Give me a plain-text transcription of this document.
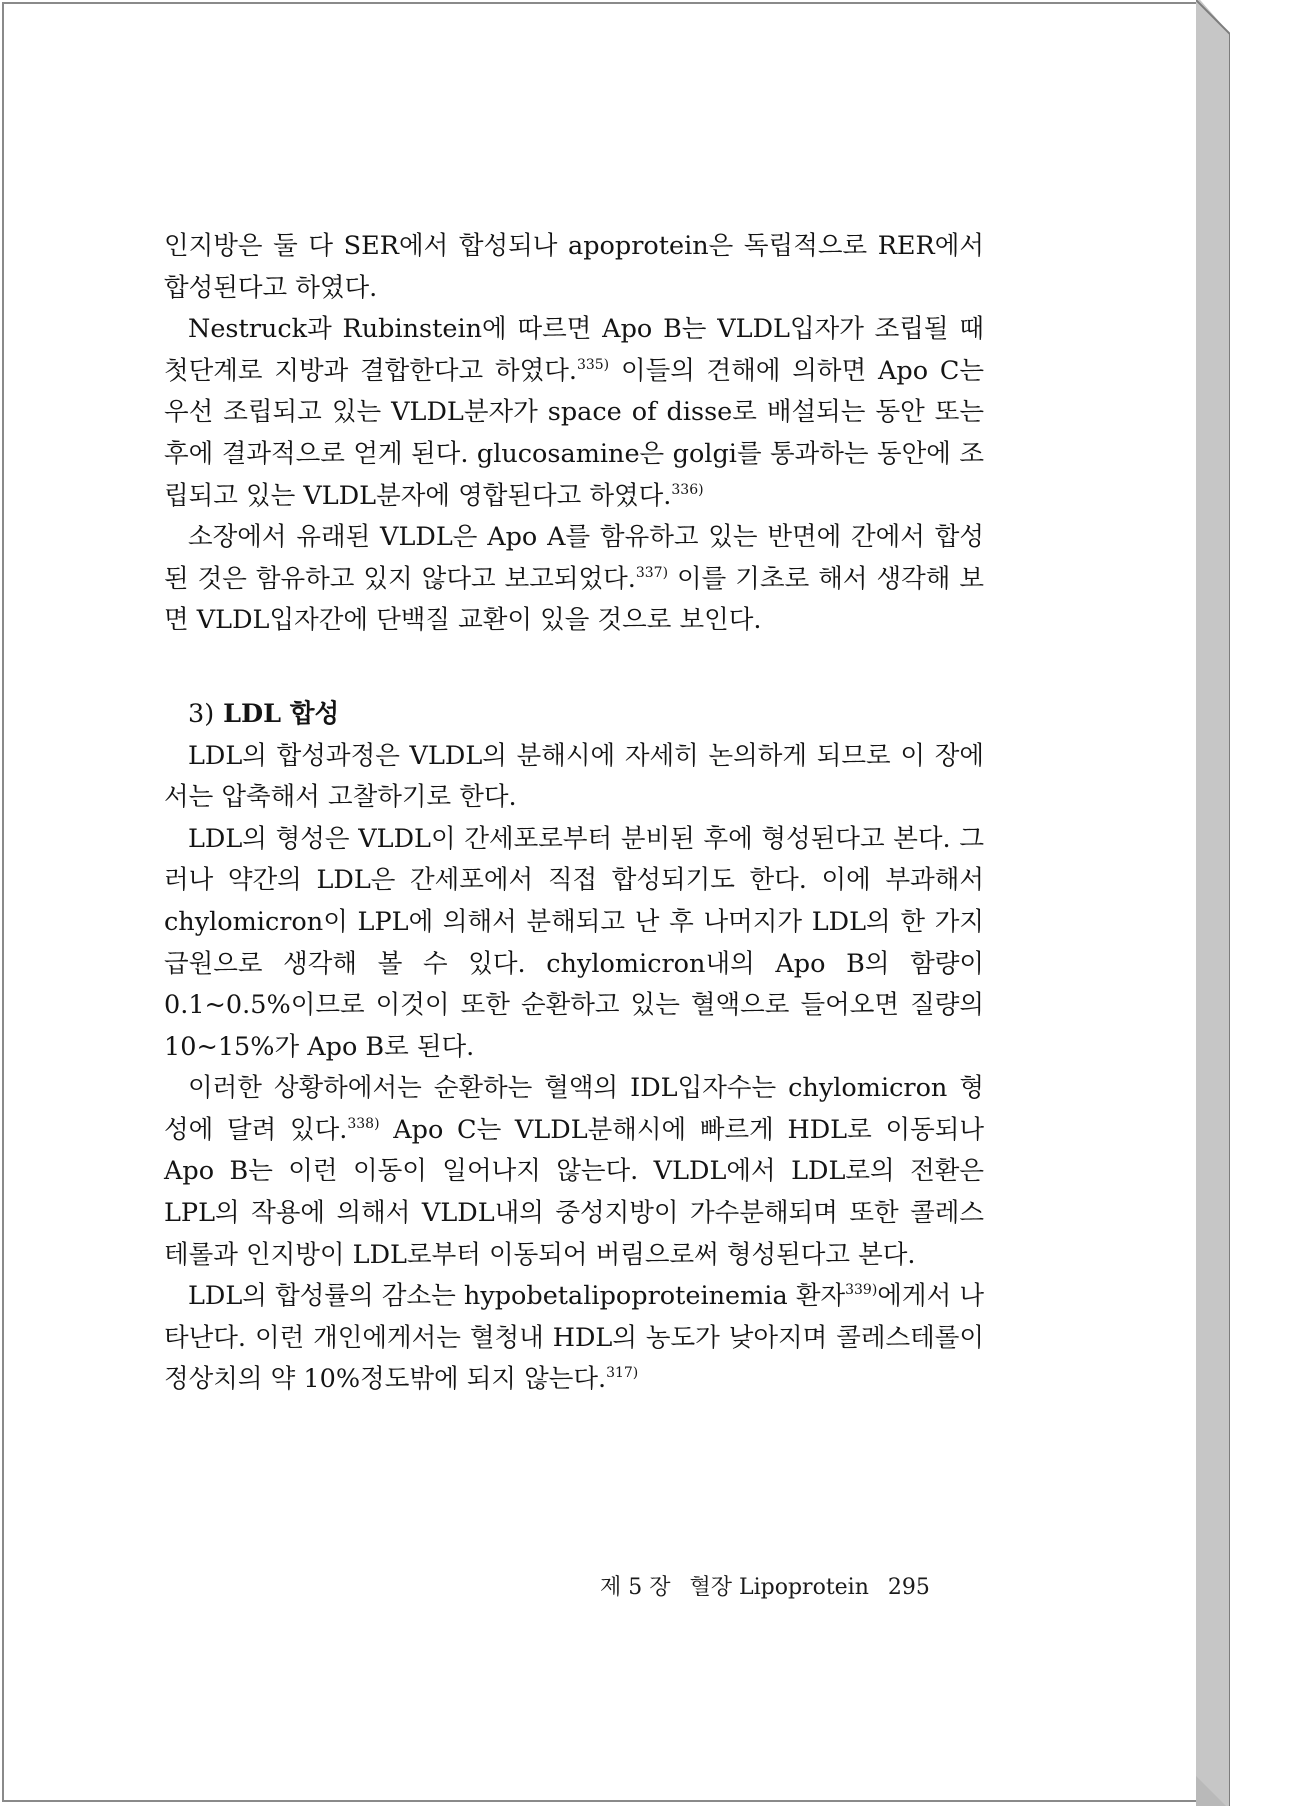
인지방은 둘 다 SER에서 합성되나 apoprotein은 독립적으로 RER에서 합성된다고 하였다.

Nestruck과 Rubinstein에 따르면 Apo B는 VLDL입자가 조립될 때 첫단계로 지방과 결합한다고 하였다.$^{335)}$ 이들의 견해에 의하면 Apo C는 우선 조립되고 있는 VLDL분자가 space of disse로 배설되는 동안 또는 후에 결과적으로 얻게 된다. glucosamine은 golgi를 통과하는 동안에 조립되고 있는 VLDL분자에 영합된다고 하였다.$^{336)}$

소장에서 유래된 VLDL은 Apo A를 함유하고 있는 반면에 간에서 합성된 것은 함유하고 있지 않다고 보고되었다.$^{337)}$ 이를 기초로 해서 생각해 보면 VLDL입자간에 단백질 교환이 있을 것으로 보인다.

3) LDL 합성

LDL의 합성과정은 VLDL의 분해시에 자세히 논의하게 되므로 이 장에서는 압축해서 고찰하기로 한다.

LDL의 형성은 VLDL이 간세포로부터 분비된 후에 형성된다고 본다. 그러나 약간의 LDL은 간세포에서 직접 합성되기도 한다. 이에 부과해서 chylomicron이 LPL에 의해서 분해되고 난 후 나머지가 LDL의 한 가지 급원으로 생각해 볼 수 있다. chylomicron내의 Apo B의 함량이 0.1~0.5%이므로 이것이 또한 순환하고 있는 혈액으로 들어오면 질량의 10~15%가 Apo B로 된다.

이러한 상황하에서는 순환하는 혈액의 IDL입자수는 chylomicron 형성에 달려 있다.$^{338)}$ Apo C는 VLDL분해시에 빠르게 HDL로 이동되나 Apo B는 이런 이동이 일어나지 않는다. VLDL에서 LDL로의 전환은 LPL의 작용에 의해서 VLDL내의 중성지방이 가수분해되며 또한 콜레스테롤과 인지방이 LDL로부터 이동되어 버림으로써 형성된다고 본다.

LDL의 합성률의 감소는 hypobetalipoproteinemia 환자$^{339)}$에게서 나타난다. 이런 개인에게서는 혈청내 HDL의 농도가 낮아지며 콜레스테롤이 정상치의 약 10%정도밖에 되지 않는다.$^{317)}$

제 5 장 혈장 Lipoprotein 295
